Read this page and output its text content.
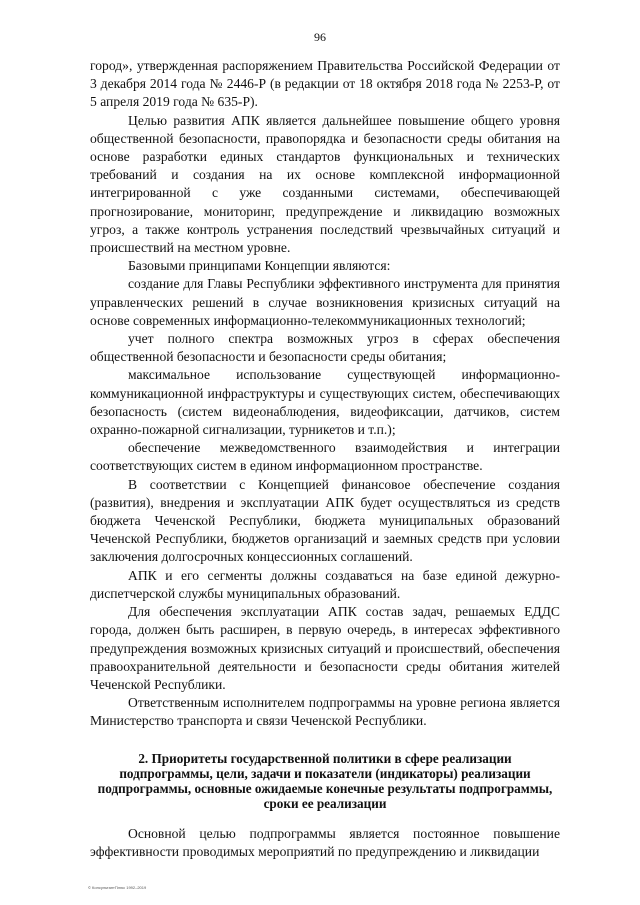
96

город», утвержденная распоряжением Правительства Российской Федерации от 3 декабря 2014 года № 2446-Р (в редакции от 18 октября 2018 года № 2253-Р, от 5 апреля 2019 года № 635-Р).

Целью развития АПК является дальнейшее повышение общего уровня общественной безопасности, правопорядка и безопасности среды обитания на основе разработки единых стандартов функциональных и технических требований и создания на их основе комплексной информационной интегрированной с уже созданными системами, обеспечивающей прогнозирование, мониторинг, предупреждение и ликвидацию возможных угроз, а также контроль устранения последствий чрезвычайных ситуаций и происшествий на местном уровне.

Базовыми принципами Концепции являются:

создание для Главы Республики эффективного инструмента для принятия управленческих решений в случае возникновения кризисных ситуаций на основе современных информационно-телекоммуникационных технологий;

учет полного спектра возможных угроз в сферах обеспечения общественной безопасности и безопасности среды обитания;

максимальное использование существующей информационно-коммуникационной инфраструктуры и существующих систем, обеспечивающих безопасность (систем видеонаблюдения, видеофиксации, датчиков, систем охранно-пожарной сигнализации, турникетов и т.п.);

обеспечение межведомственного взаимодействия и интеграции соответствующих систем в едином информационном пространстве.

В соответствии с Концепцией финансовое обеспечение создания (развития), внедрения и эксплуатации АПК будет осуществляться из средств бюджета Чеченской Республики, бюджета муниципальных образований Чеченской Республики, бюджетов организаций и заемных средств при условии заключения долгосрочных концессионных соглашений.

АПК и его сегменты должны создаваться на базе единой дежурно-диспетчерской службы муниципальных образований.

Для обеспечения эксплуатации АПК состав задач, решаемых ЕДДС города, должен быть расширен, в первую очередь, в интересах эффективного предупреждения возможных кризисных ситуаций и происшествий, обеспечения правоохранительной деятельности и безопасности среды обитания жителей Чеченской Республики.

Ответственным исполнителем подпрограммы на уровне региона является Министерство транспорта и связи Чеченской Республики.

2. Приоритеты государственной политики в сфере реализации подпрограммы, цели, задачи и показатели (индикаторы) реализации подпрограммы, основные ожидаемые конечные результаты подпрограммы, сроки ее реализации

Основной целью подпрограммы является постоянное повышение эффективности проводимых мероприятий по предупреждению и ликвидации

© КонсультантПлюс 1992–2019
